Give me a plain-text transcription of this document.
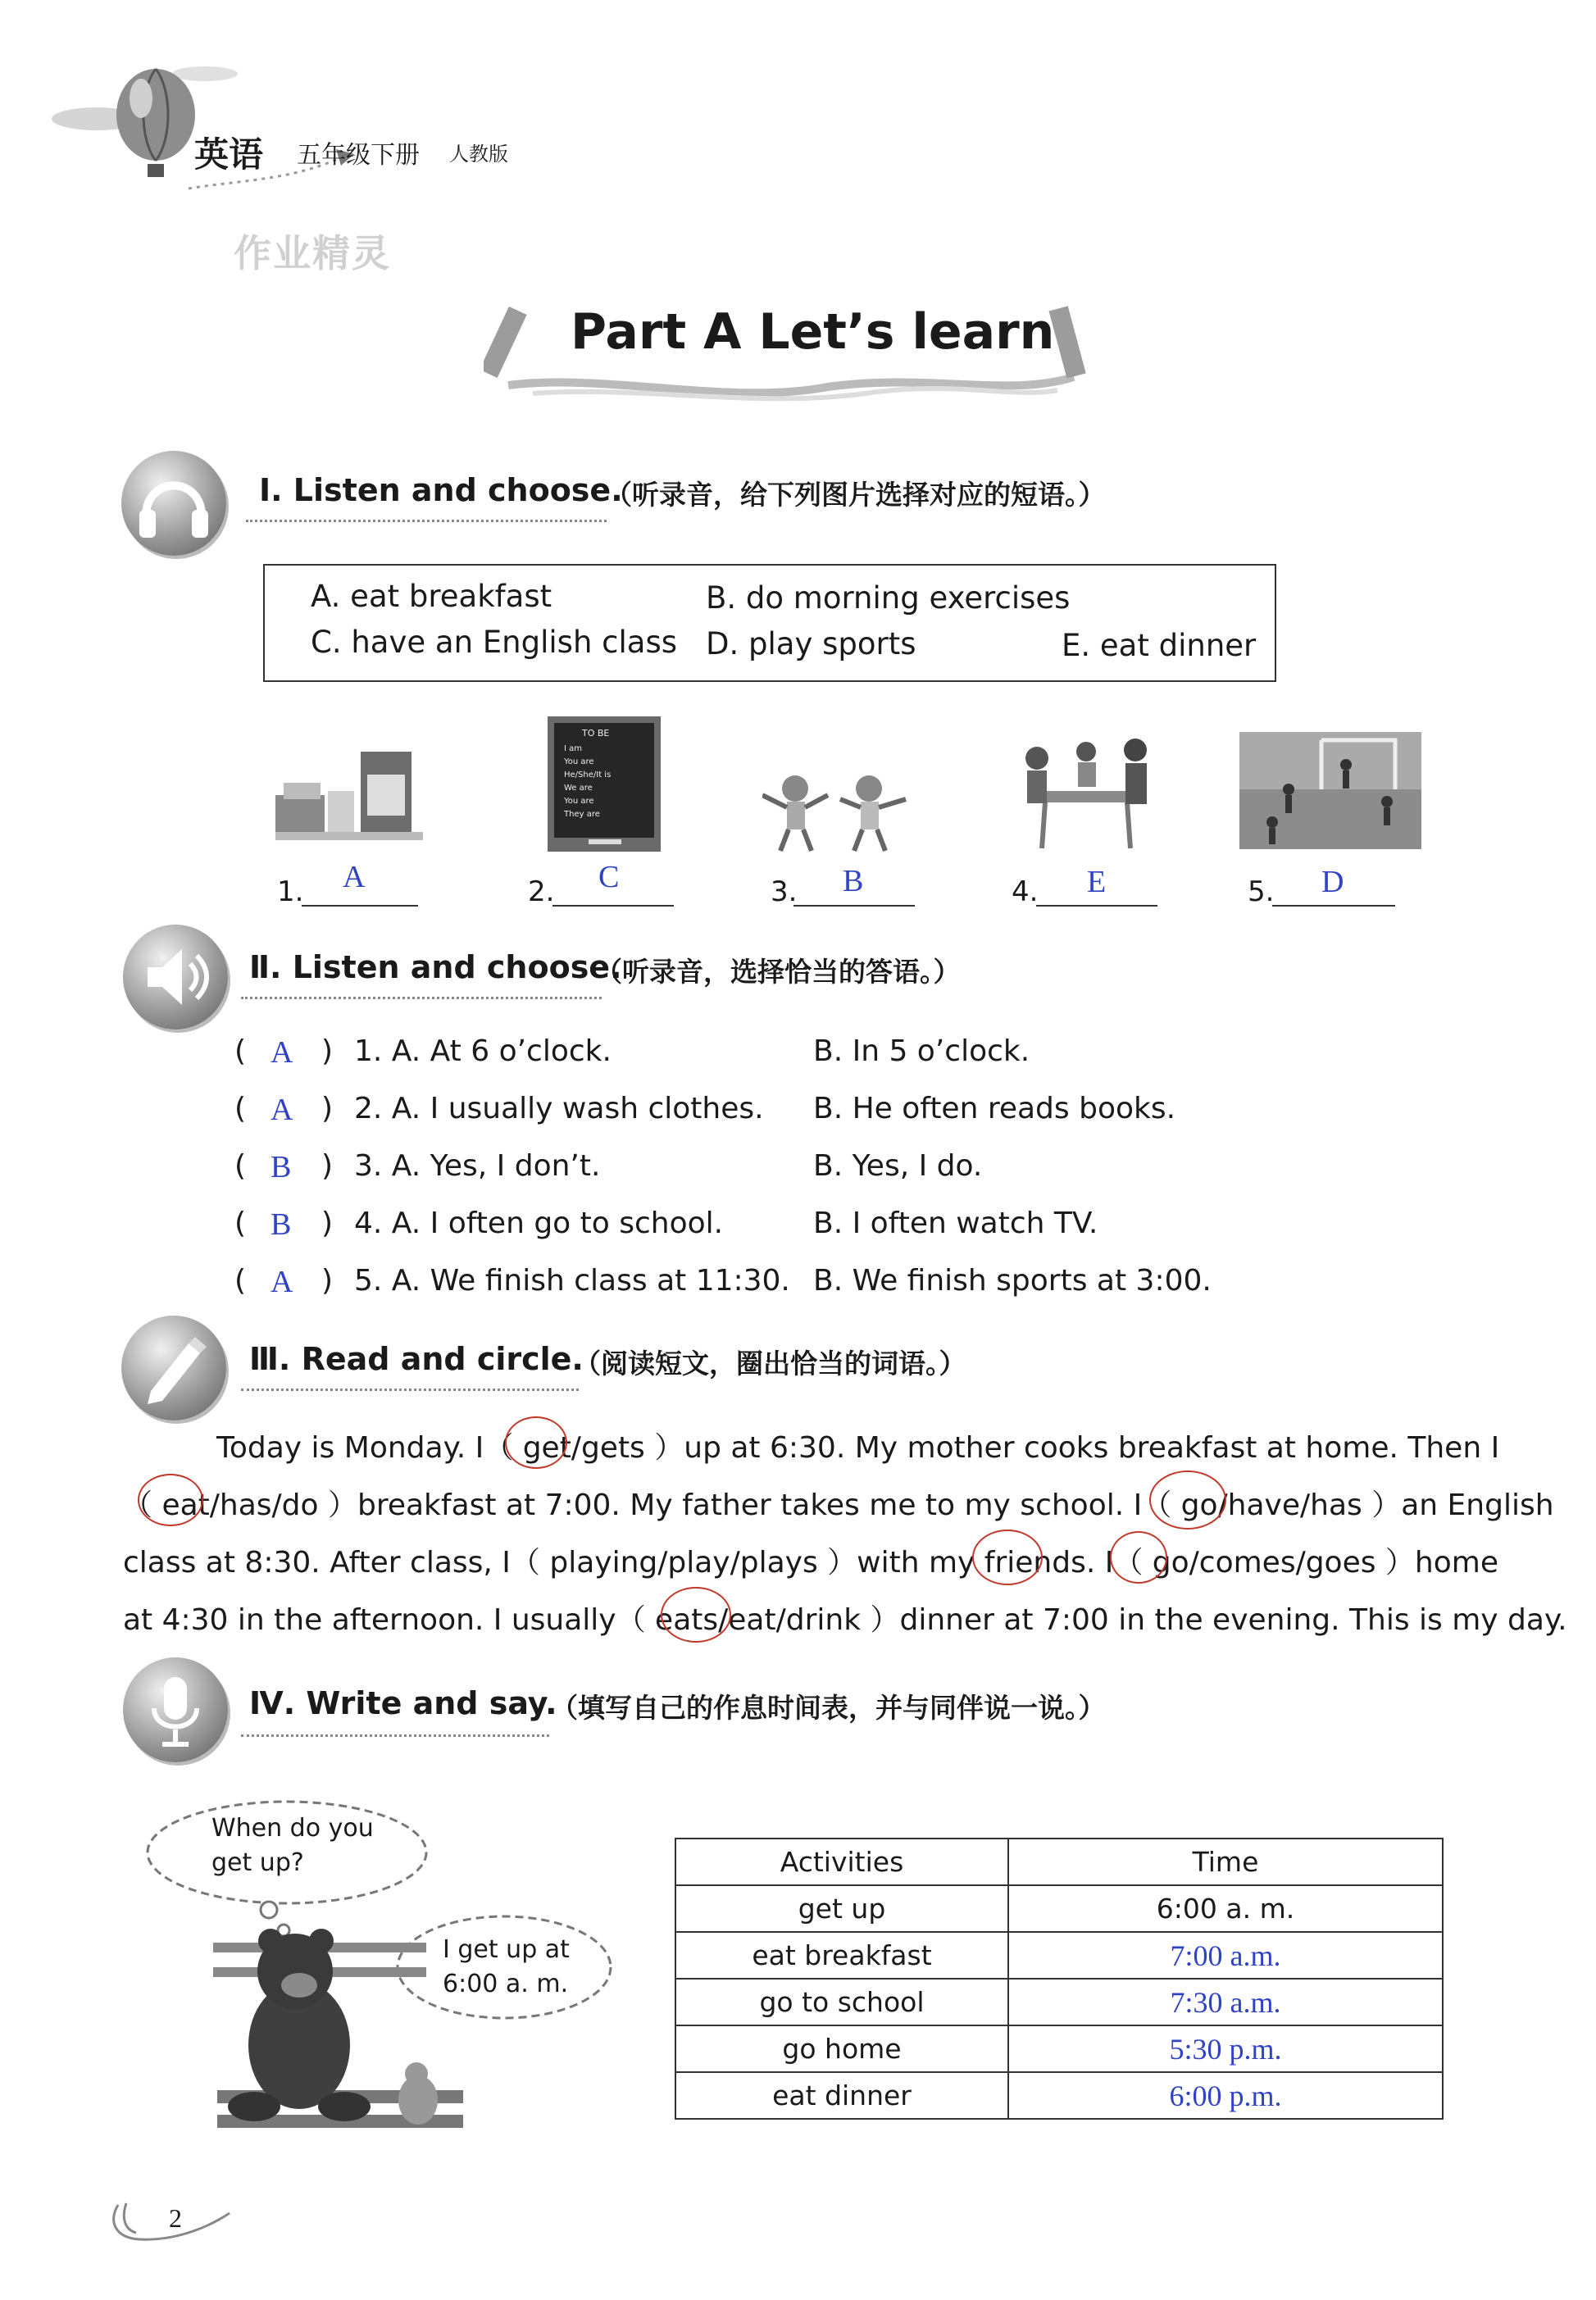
英语 五年级下册 人教版
作业精灵
Part A Let’s learn
Ⅰ. Listen and choose.
（听录音，给下列图片选择对应的短语。）
A. eat breakfast	B. do morning exercises
C. have an English class D. play sports	E. eat dinner
TO BE
I am
You are
He/She/It is
We are
You are
They are
1. A	2. C	3. B	4. E	5. D
Ⅱ. Listen and choose.
（听录音，选择恰当的答语。）
( A ) 1. A. At 6 o’clock.	B. In 5 o’clock.
( A ) 2. A. I usually wash clothes. B. He often reads books.
( B ) 3. A. Yes, I don’t.	B. Yes, I do.
( B ) 4. A. I often go to school.	B. I often watch TV.
( A ) 5. A. We finish class at 11:30. B. We finish sports at 3:00.
Ⅲ. Read and circle.
（阅读短文，圈出恰当的词语。）
Today is Monday. I（ get/gets ）up at 6:30. My mother cooks breakfast at home. Then I
（ eat/has/do ）breakfast at 7:00. My father takes me to my school. I（ go/have/has ）an English
class at 8:30. After class, I（ playing/play/plays ）with my friends. I（ go/comes/goes ）home
at 4:30 in the afternoon. I usually（ eats/eat/drink ）dinner at 7:00 in the evening. This is my day.
Ⅳ. Write and say.
（填写自己的作息时间表，并与同伴说一说。）
When do you
get up?
I get up at
6:00 a. m.
Activities	Time
get up	6:00 a. m.
eat breakfast	7:00 a.m.
go to school	7:30 a.m.
go home	5:30 p.m.
eat dinner	6:00 p.m.
2
